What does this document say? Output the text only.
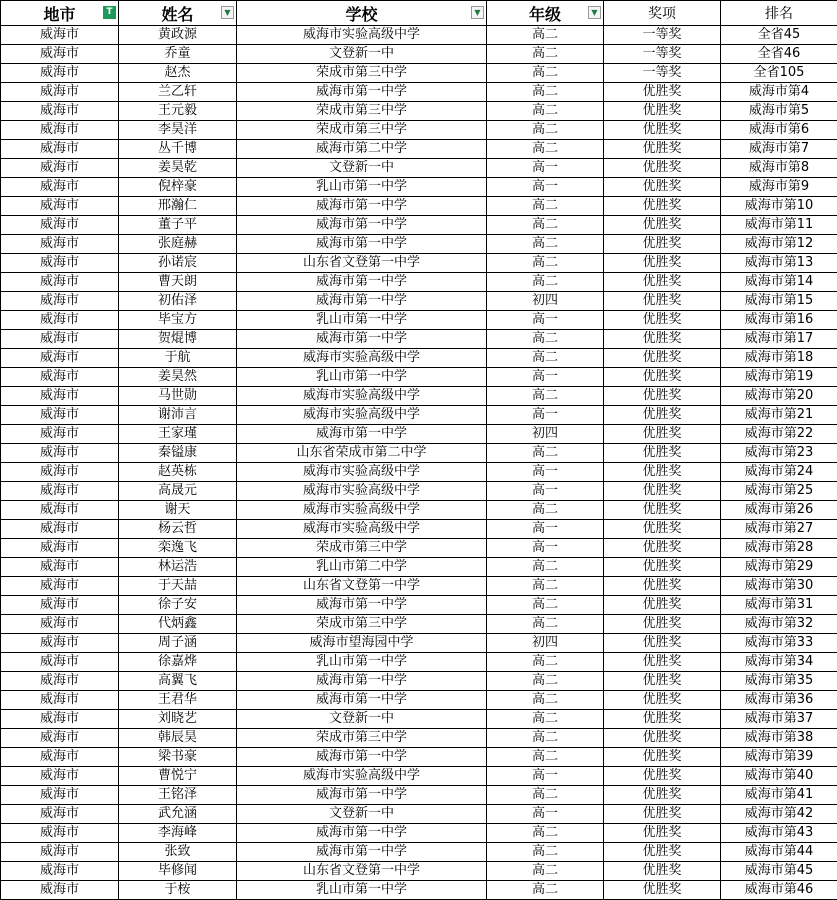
地市 T	姓名 ▼	学校 ▼	年级 ▼	奖项	排名
威海市	黄政源	威海市实验高级中学	高二	一等奖	全省45
威海市	乔童	文登新一中	高二	一等奖	全省46
威海市	赵杰	荣成市第三中学	高二	一等奖	全省105
威海市	兰乙轩	威海市第一中学	高二	优胜奖	威海市第4
威海市	王元毅	荣成市第三中学	高二	优胜奖	威海市第5
威海市	李昊洋	荣成市第三中学	高二	优胜奖	威海市第6
威海市	丛千博	威海市第二中学	高二	优胜奖	威海市第7
威海市	姜昊乾	文登新一中	高一	优胜奖	威海市第8
威海市	倪梓豪	乳山市第一中学	高一	优胜奖	威海市第9
威海市	邢瀚仁	威海市第一中学	高二	优胜奖	威海市第10
威海市	董子平	威海市第一中学	高二	优胜奖	威海市第11
威海市	张庭赫	威海市第一中学	高二	优胜奖	威海市第12
威海市	孙诺宸	山东省文登第一中学	高二	优胜奖	威海市第13
威海市	曹天朗	威海市第一中学	高二	优胜奖	威海市第14
威海市	初佑泽	威海市第一中学	初四	优胜奖	威海市第15
威海市	毕宝方	乳山市第一中学	高一	优胜奖	威海市第16
威海市	贺焜博	威海市第一中学	高二	优胜奖	威海市第17
威海市	于航	威海市实验高级中学	高二	优胜奖	威海市第18
威海市	姜昊然	乳山市第一中学	高一	优胜奖	威海市第19
威海市	马世勋	威海市实验高级中学	高二	优胜奖	威海市第20
威海市	谢沛言	威海市实验高级中学	高一	优胜奖	威海市第21
威海市	王家瑾	威海市第一中学	初四	优胜奖	威海市第22
威海市	秦镒康	山东省荣成市第二中学	高二	优胜奖	威海市第23
威海市	赵英栋	威海市实验高级中学	高一	优胜奖	威海市第24
威海市	高晟元	威海市实验高级中学	高一	优胜奖	威海市第25
威海市	谢天	威海市实验高级中学	高二	优胜奖	威海市第26
威海市	杨云哲	威海市实验高级中学	高一	优胜奖	威海市第27
威海市	栾逸飞	荣成市第三中学	高一	优胜奖	威海市第28
威海市	林运浩	乳山市第二中学	高二	优胜奖	威海市第29
威海市	于天喆	山东省文登第一中学	高二	优胜奖	威海市第30
威海市	徐子安	威海市第一中学	高二	优胜奖	威海市第31
威海市	代炳鑫	荣成市第三中学	高二	优胜奖	威海市第32
威海市	周子涵	威海市望海园中学	初四	优胜奖	威海市第33
威海市	徐嘉烨	乳山市第一中学	高二	优胜奖	威海市第34
威海市	高翼飞	威海市第一中学	高二	优胜奖	威海市第35
威海市	王君华	威海市第一中学	高二	优胜奖	威海市第36
威海市	刘晓艺	文登新一中	高二	优胜奖	威海市第37
威海市	韩辰昊	荣成市第三中学	高二	优胜奖	威海市第38
威海市	梁书豪	威海市第一中学	高二	优胜奖	威海市第39
威海市	曹悦宁	威海市实验高级中学	高一	优胜奖	威海市第40
威海市	王铭泽	威海市第一中学	高二	优胜奖	威海市第41
威海市	武允涵	文登新一中	高一	优胜奖	威海市第42
威海市	李海峰	威海市第一中学	高二	优胜奖	威海市第43
威海市	张致	威海市第一中学	高二	优胜奖	威海市第44
威海市	毕修闻	山东省文登第一中学	高二	优胜奖	威海市第45
威海市	于桉	乳山市第一中学	高二	优胜奖	威海市第46
